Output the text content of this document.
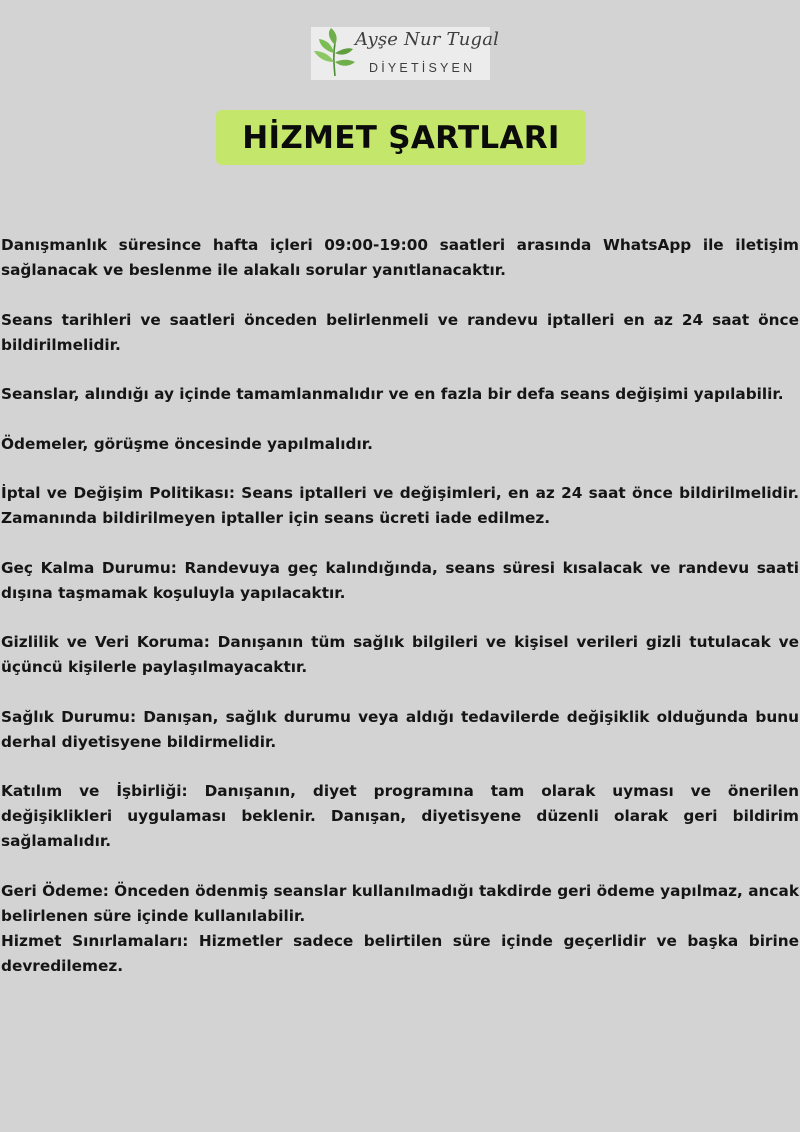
Ayşe Nur Tugal
DİYETİSYEN
HİZMET ŞARTLARI

Danışmanlık süresince hafta içleri 09:00-19:00 saatleri arasında WhatsApp ile iletişim sağlanacak ve beslenme ile alakalı sorular yanıtlanacaktır.

Seans tarihleri ve saatleri önceden belirlenmeli ve randevu iptalleri en az 24 saat önce bildirilmelidir.

Seanslar, alındığı ay içinde tamamlanmalıdır ve en fazla bir defa seans değişimi yapılabilir.

Ödemeler, görüşme öncesinde yapılmalıdır.

İptal ve Değişim Politikası: Seans iptalleri ve değişimleri, en az 24 saat önce bildirilmelidir. Zamanında bildirilmeyen iptaller için seans ücreti iade edilmez.

Geç Kalma Durumu: Randevuya geç kalındığında, seans süresi kısalacak ve randevu saati dışına taşmamak koşuluyla yapılacaktır.

Gizlilik ve Veri Koruma: Danışanın tüm sağlık bilgileri ve kişisel verileri gizli tutulacak ve üçüncü kişilerle paylaşılmayacaktır.

Sağlık Durumu: Danışan, sağlık durumu veya aldığı tedavilerde değişiklik olduğunda bunu derhal diyetisyene bildirmelidir.

Katılım ve İşbirliği: Danışanın, diyet programına tam olarak uyması ve önerilen değişiklikleri uygulaması beklenir. Danışan, diyetisyene düzenli olarak geri bildirim sağlamalıdır.

Geri Ödeme: Önceden ödenmiş seanslar kullanılmadığı takdirde geri ödeme yapılmaz, ancak belirlenen süre içinde kullanılabilir.

Hizmet Sınırlamaları: Hizmetler sadece belirtilen süre içinde geçerlidir ve başka birine devredilemez.
